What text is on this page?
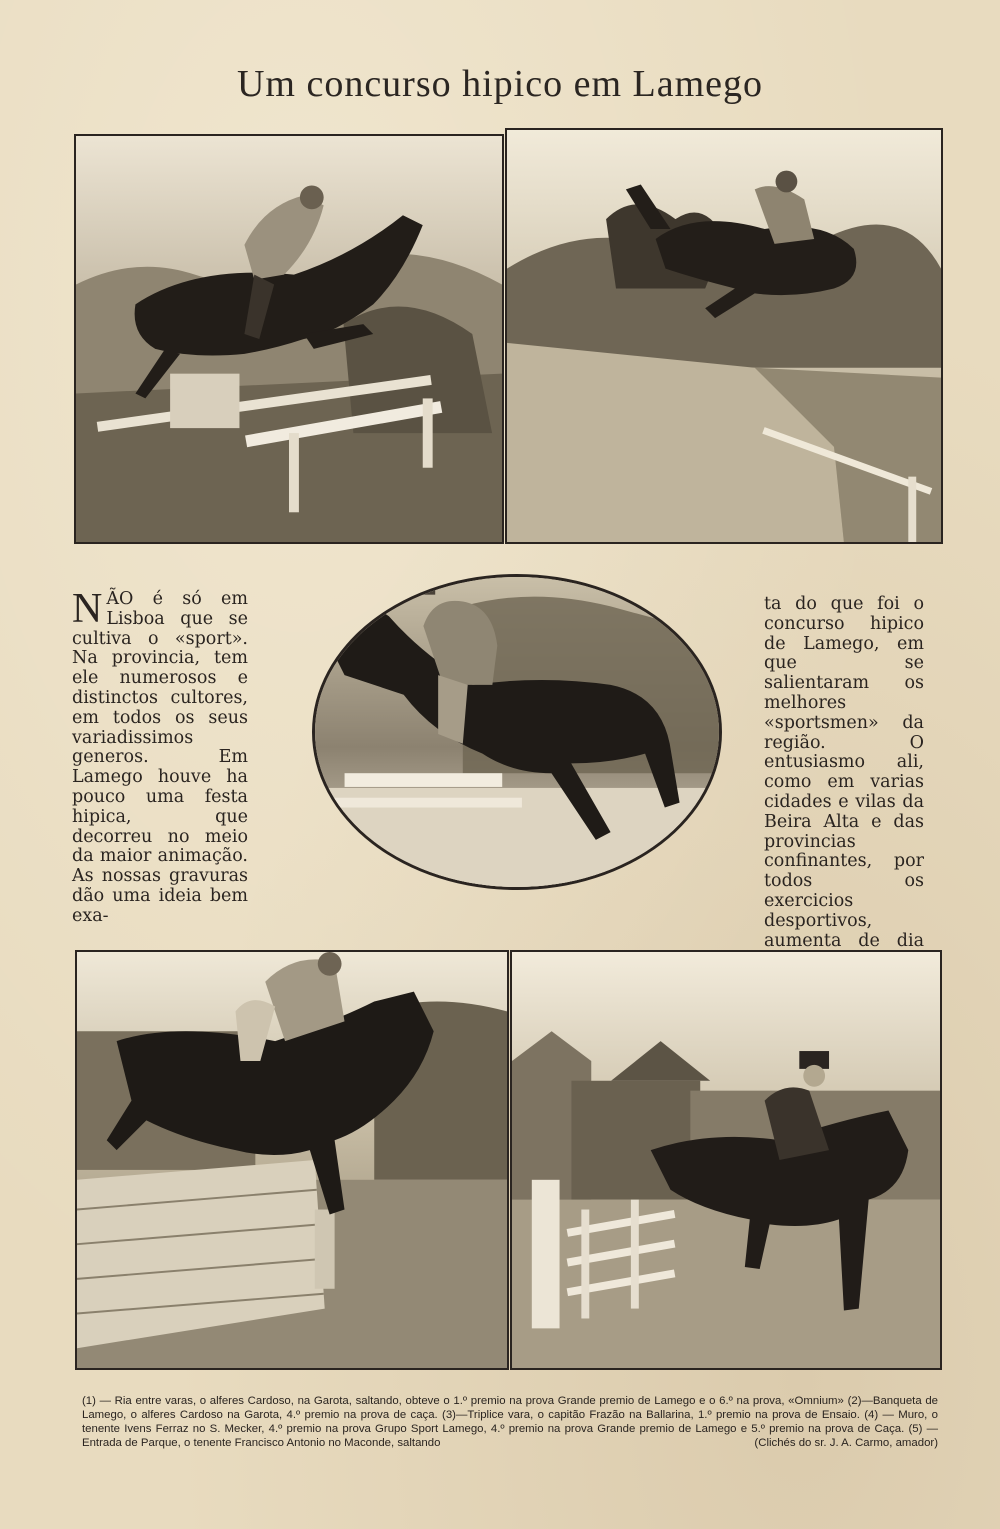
Um concurso hipico em Lamego

NÃO é só em Lisboa que se cultiva o «sport». Na provincia, tem ele numerosos e distinctos cultores, em todos os seus variadissimos generos. Em Lamego houve ha pouco uma festa hipica, que decorreu no meio da maior animação. As nossas gravuras dão uma ideia bem exa-

ta do que foi o concurso hipico de Lamego, em que se salientaram os melhores «sportsmen» da região. O entusiasmo ali, como em varias cidades e vilas da Beira Alta e das provincias confinantes, por todos os exercicios desportivos, aumenta de dia

(1) — Ria entre varas, o alferes Cardoso, na Garota, saltando, obteve o 1.º premio na prova Grande premio de Lamego e o 6.º na prova, «Omnium» (2)—Banqueta de Lamego, o alferes Cardoso na Garota, 4.º premio na prova de caça. (3)—Triplice vara, o capitão Frazão na Ballarina, 1.º premio na prova de Ensaio. (4) — Muro, o tenente Ivens Ferraz no S. Mecker, 4.º premio na prova Grupo Sport Lamego, 4.º premio na prova Grande premio de Lamego e 5.º premio na prova de Caça. (5) — Entrada de Parque, o tenente Francisco Antonio no Maconde, saltando	(Clichés do sr. J. A. Carmo, amador)
